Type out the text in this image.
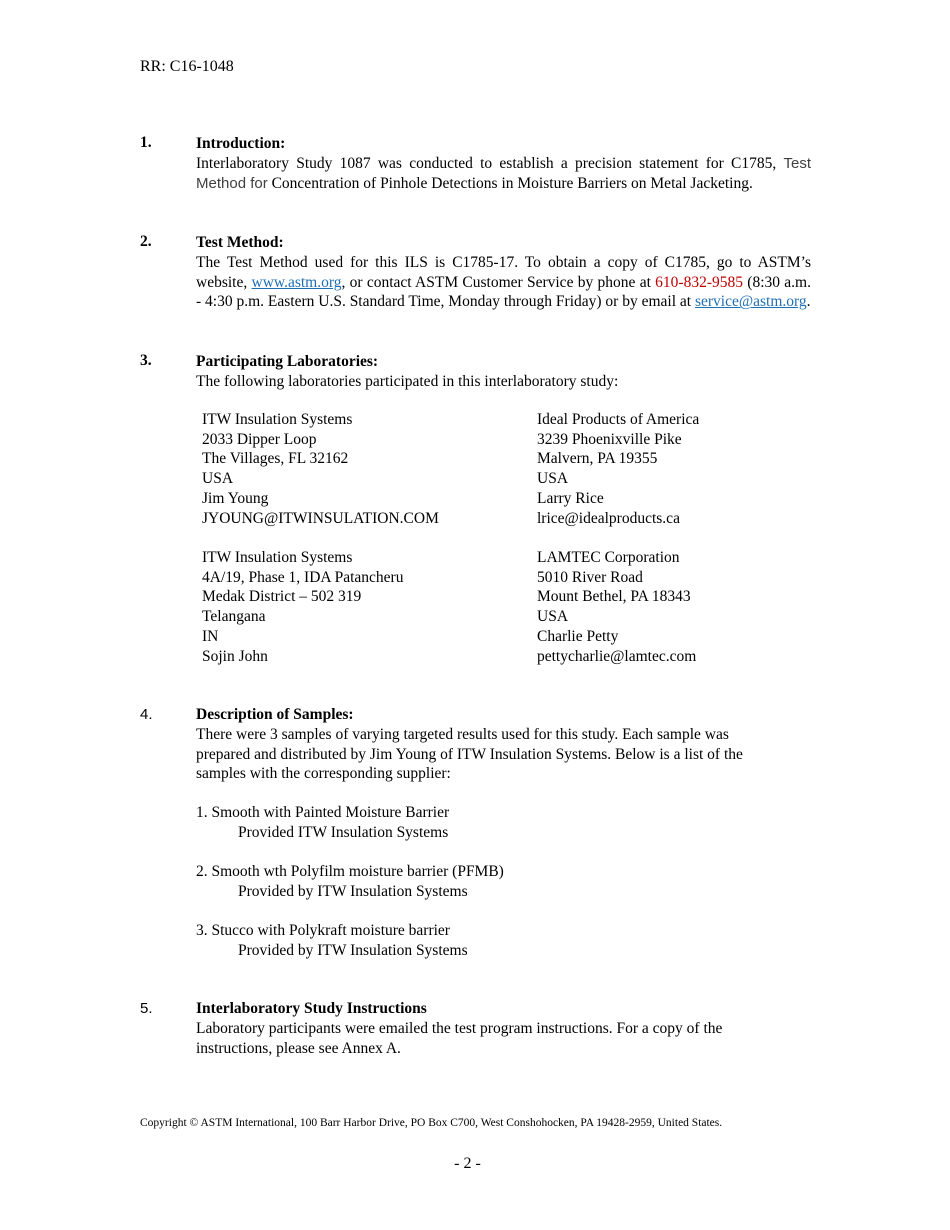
RR: C16-1048
1.	Introduction:
Interlaboratory Study 1087 was conducted to establish a precision statement for C1785, Test Method for Concentration of Pinhole Detections in Moisture Barriers on Metal Jacketing.
2.	Test Method:
The Test Method used for this ILS is C1785-17. To obtain a copy of C1785, go to ASTM’s website, www.astm.org, or contact ASTM Customer Service by phone at 610-832-9585 (8:30 a.m. - 4:30 p.m. Eastern U.S. Standard Time, Monday through Friday) or by email at service@astm.org.
3.	Participating Laboratories:
The following laboratories participated in this interlaboratory study:
ITW Insulation Systems
2033 Dipper Loop
The Villages, FL 32162
USA
Jim Young
JYOUNG@ITWINSULATION.COM
Ideal Products of America
3239 Phoenixville Pike
Malvern, PA 19355
USA
Larry Rice
lrice@idealproducts.ca
ITW Insulation Systems
4A/19, Phase 1, IDA Patancheru
Medak District – 502 319
Telangana
IN
Sojin John
LAMTEC Corporation
5010 River Road
Mount Bethel, PA 18343
USA
Charlie Petty
pettycharlie@lamtec.com
4.	Description of Samples:
There were 3 samples of varying targeted results used for this study. Each sample was
prepared and distributed by Jim Young of ITW Insulation Systems. Below is a list of the
samples with the corresponding supplier:
1. Smooth with Painted Moisture Barrier
Provided ITW Insulation Systems
2. Smooth wth Polyfilm moisture barrier (PFMB)
Provided by ITW Insulation Systems
3. Stucco with Polykraft moisture barrier
Provided by ITW Insulation Systems
5.	Interlaboratory Study Instructions
Laboratory participants were emailed the test program instructions. For a copy of the
instructions, please see Annex A.
Copyright © ASTM International, 100 Barr Harbor Drive, PO Box C700, West Conshohocken, PA 19428-2959, United States.
- 2 -
